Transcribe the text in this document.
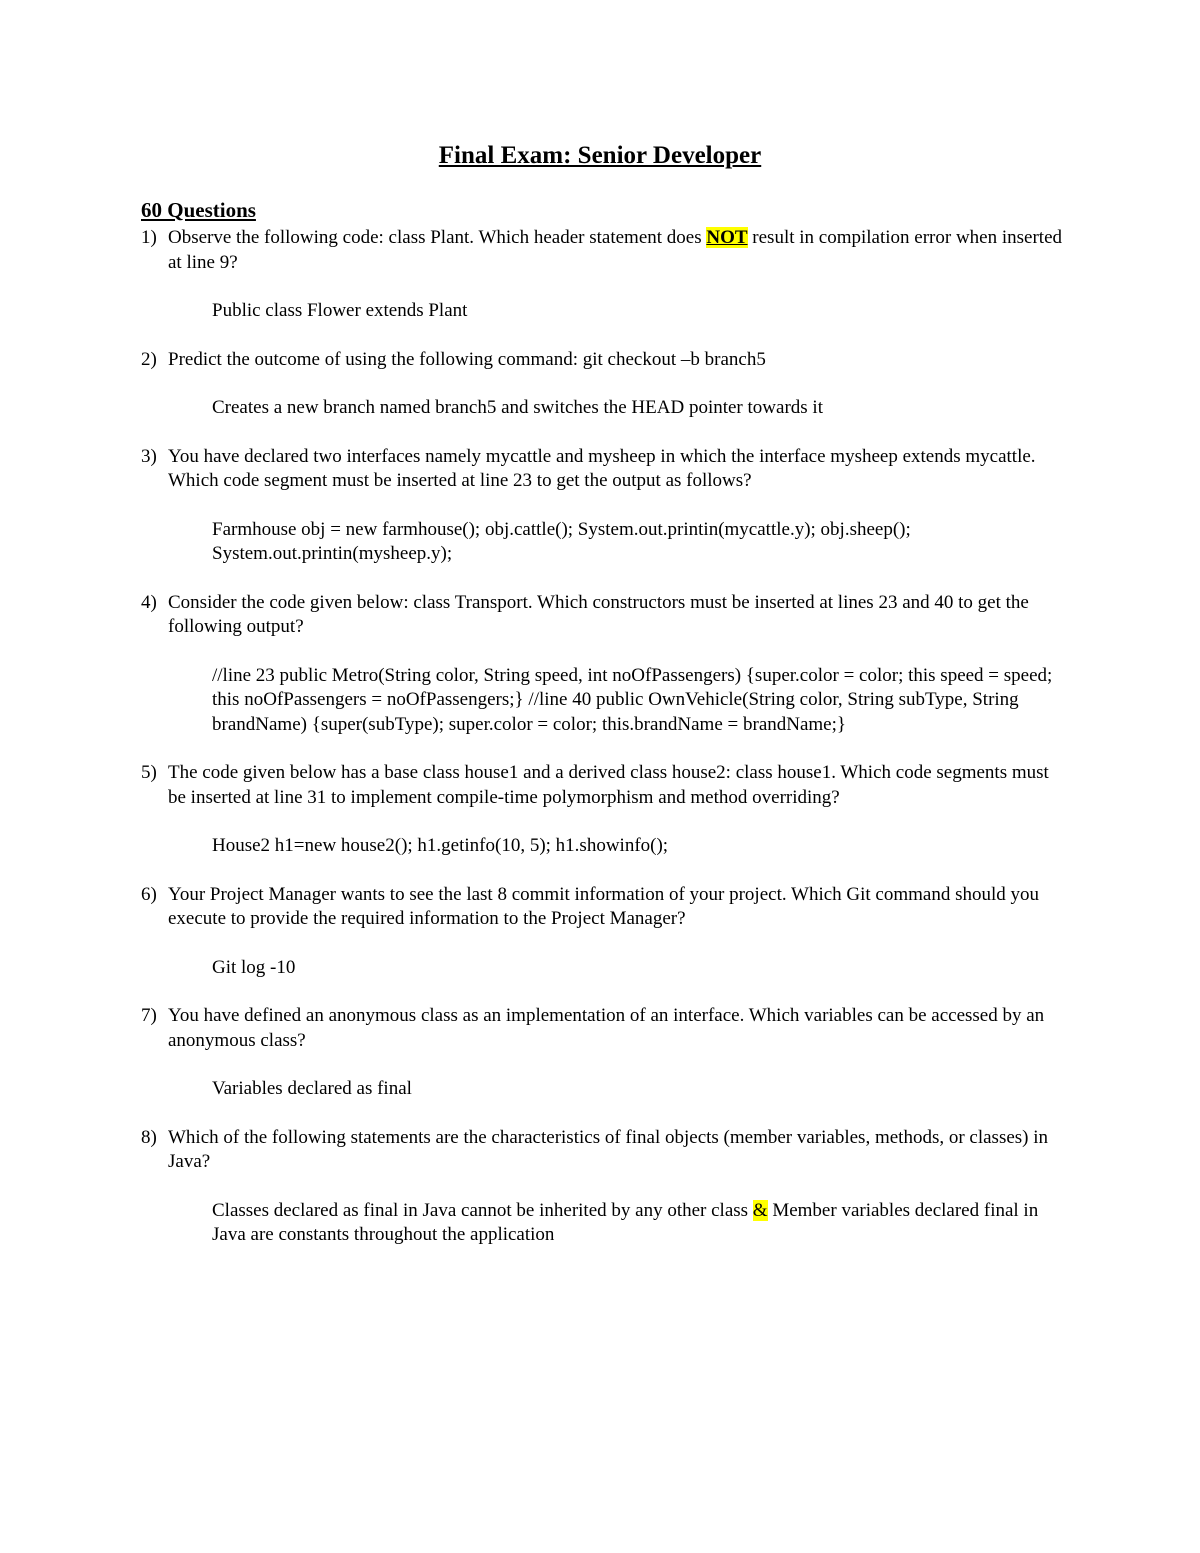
Final Exam: Senior Developer
60 Questions
1) Observe the following code: class Plant. Which header statement does NOT result in compilation error when inserted at line 9?
Public class Flower extends Plant
2) Predict the outcome of using the following command: git checkout –b branch5
Creates a new branch named branch5 and switches the HEAD pointer towards it
3) You have declared two interfaces namely mycattle and mysheep in which the interface mysheep extends mycattle. Which code segment must be inserted at line 23 to get the output as follows?
Farmhouse obj = new farmhouse(); obj.cattle(); System.out.printin(mycattle.y); obj.sheep(); System.out.printin(mysheep.y);
4) Consider the code given below: class Transport. Which constructors must be inserted at lines 23 and 40 to get the following output?
//line 23 public Metro(String color, String speed, int noOfPassengers) {super.color = color; this speed = speed; this noOfPassengers = noOfPassengers;} //line 40 public OwnVehicle(String color, String subType, String brandName) {super(subType); super.color = color; this.brandName = brandName;}
5) The code given below has a base class house1 and a derived class house2: class house1. Which code segments must be inserted at line 31 to implement compile-time polymorphism and method overriding?
House2 h1=new house2(); h1.getinfo(10, 5); h1.showinfo();
6) Your Project Manager wants to see the last 8 commit information of your project. Which Git command should you execute to provide the required information to the Project Manager?
Git log -10
7) You have defined an anonymous class as an implementation of an interface. Which variables can be accessed by an anonymous class?
Variables declared as final
8) Which of the following statements are the characteristics of final objects (member variables, methods, or classes) in Java?
Classes declared as final in Java cannot be inherited by any other class & Member variables declared final in Java are constants throughout the application
